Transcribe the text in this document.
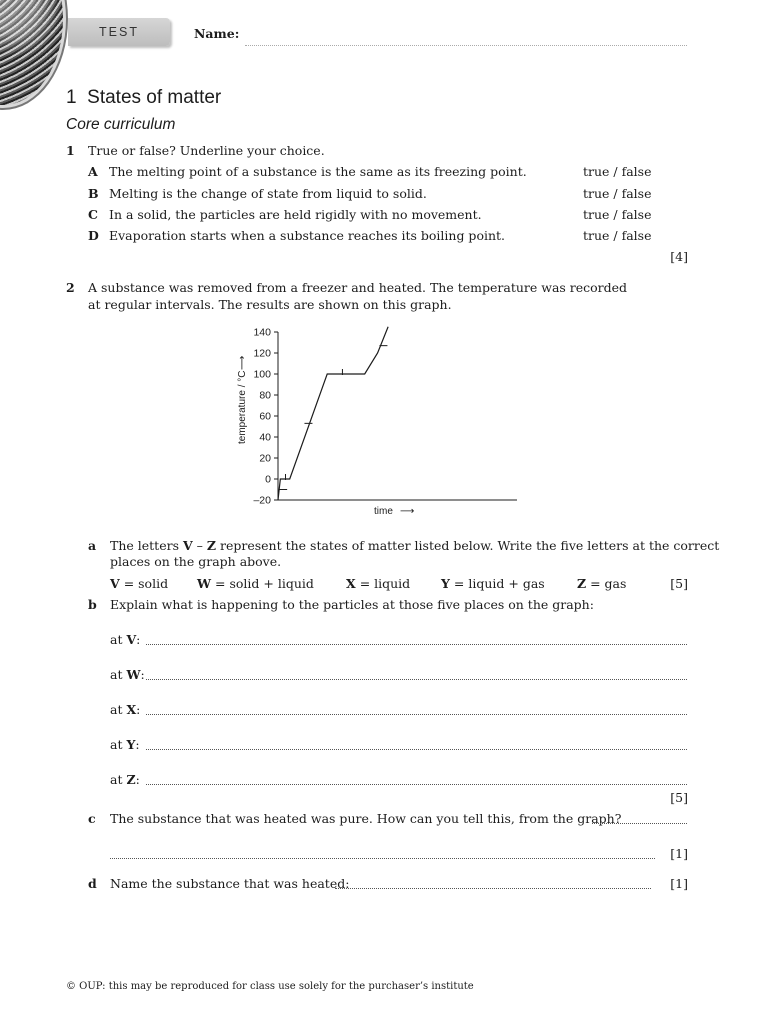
TEST	Name:
1 States of matter
Core curriculum
1 True or false? Underline your choice.
A The melting point of a substance is the same as its freezing point.	true / false
B Melting is the change of state from liquid to solid.	true / false
C In a solid, the particles are held rigidly with no movement.	true / false
D Evaporation starts when a substance reaches its boiling point.	true / false
[4]
2 A substance was removed from a freezer and heated. The temperature was recorded
at regular intervals. The results are shown on this graph.
–20
0
20
40
60
80
100
120
140
temperature / °C
⟶
time ⟶
a The letters V – Z represent the states of matter listed below. Write the five letters at the correct
places on the graph above.
V = solid W = solid + liquid	X = liquid Y = liquid + gas	Z = gas	[5]
b Explain what is happening to the particles at those five places on the graph:
at V:
at W:
at X:
at Y:
at Z:
[5]
c The substance that was heated was pure. How can you tell this, from the graph?
[1]
d Name the substance that was heated:	[1]
© OUP: this may be reproduced for class use solely for the purchaser’s institute
